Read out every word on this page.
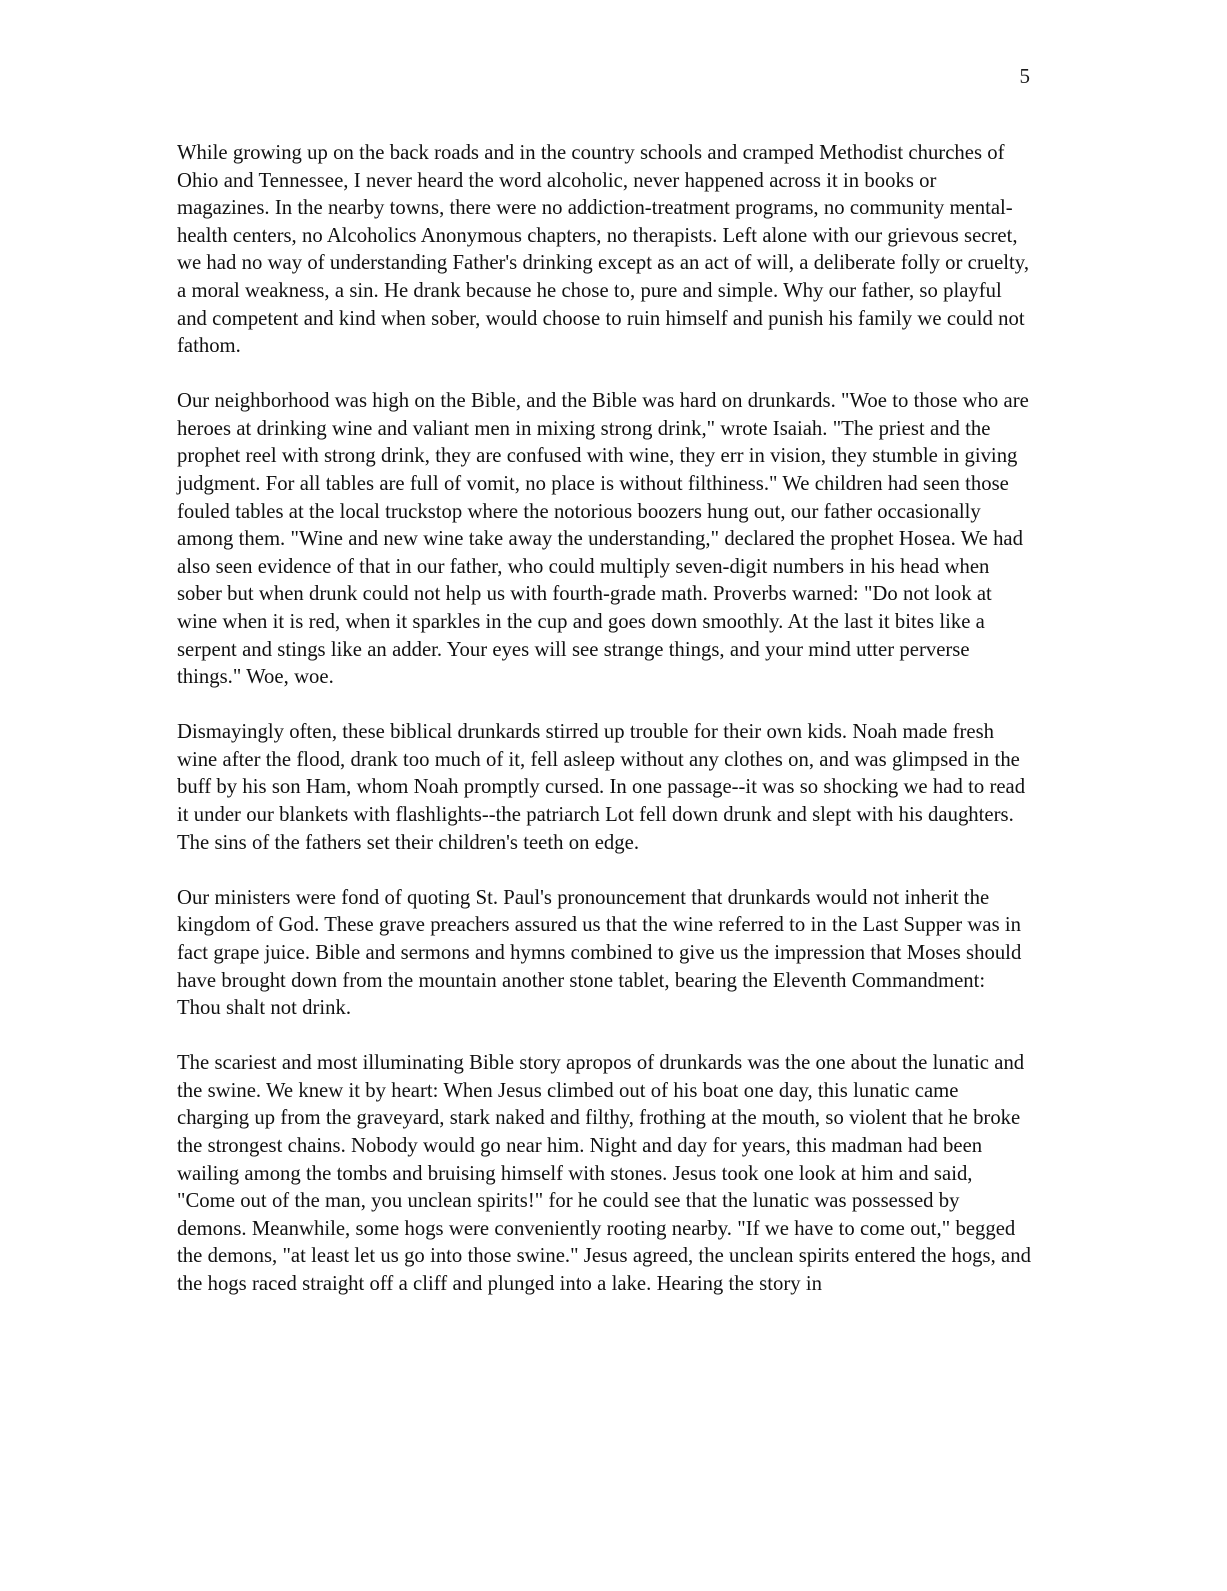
5

While growing up on the back roads and in the country schools and cramped Methodist churches of Ohio and Tennessee, I never heard the word alcoholic, never happened across it in books or magazines. In the nearby towns, there were no addiction-treatment programs, no community mental-health centers, no Alcoholics Anonymous chapters, no therapists. Left alone with our grievous secret, we had no way of understanding Father's drinking except as an act of will, a deliberate folly or cruelty, a moral weakness, a sin. He drank because he chose to, pure and simple. Why our father, so playful and competent and kind when sober, would choose to ruin himself and punish his family we could not fathom.

Our neighborhood was high on the Bible, and the Bible was hard on drunkards. "Woe to those who are heroes at drinking wine and valiant men in mixing strong drink," wrote Isaiah. "The priest and the prophet reel with strong drink, they are confused with wine, they err in vision, they stumble in giving judgment. For all tables are full of vomit, no place is without filthiness." We children had seen those fouled tables at the local truckstop where the notorious boozers hung out, our father occasionally among them. "Wine and new wine take away the understanding," declared the prophet Hosea. We had also seen evidence of that in our father, who could multiply seven-digit numbers in his head when sober but when drunk could not help us with fourth-grade math. Proverbs warned: "Do not look at wine when it is red, when it sparkles in the cup and goes down smoothly. At the last it bites like a serpent and stings like an adder. Your eyes will see strange things, and your mind utter perverse things." Woe, woe.

Dismayingly often, these biblical drunkards stirred up trouble for their own kids. Noah made fresh wine after the flood, drank too much of it, fell asleep without any clothes on, and was glimpsed in the buff by his son Ham, whom Noah promptly cursed. In one passage--it was so shocking we had to read it under our blankets with flashlights--the patriarch Lot fell down drunk and slept with his daughters. The sins of the fathers set their children's teeth on edge.

Our ministers were fond of quoting St. Paul's pronouncement that drunkards would not inherit the kingdom of God. These grave preachers assured us that the wine referred to in the Last Supper was in fact grape juice. Bible and sermons and hymns combined to give us the impression that Moses should have brought down from the mountain another stone tablet, bearing the Eleventh Commandment: Thou shalt not drink.

The scariest and most illuminating Bible story apropos of drunkards was the one about the lunatic and the swine. We knew it by heart: When Jesus climbed out of his boat one day, this lunatic came charging up from the graveyard, stark naked and filthy, frothing at the mouth, so violent that he broke the strongest chains. Nobody would go near him. Night and day for years, this madman had been wailing among the tombs and bruising himself with stones. Jesus took one look at him and said, "Come out of the man, you unclean spirits!" for he could see that the lunatic was possessed by demons. Meanwhile, some hogs were conveniently rooting nearby. "If we have to come out," begged the demons, "at least let us go into those swine." Jesus agreed, the unclean spirits entered the hogs, and the hogs raced straight off a cliff and plunged into a lake. Hearing the story in
